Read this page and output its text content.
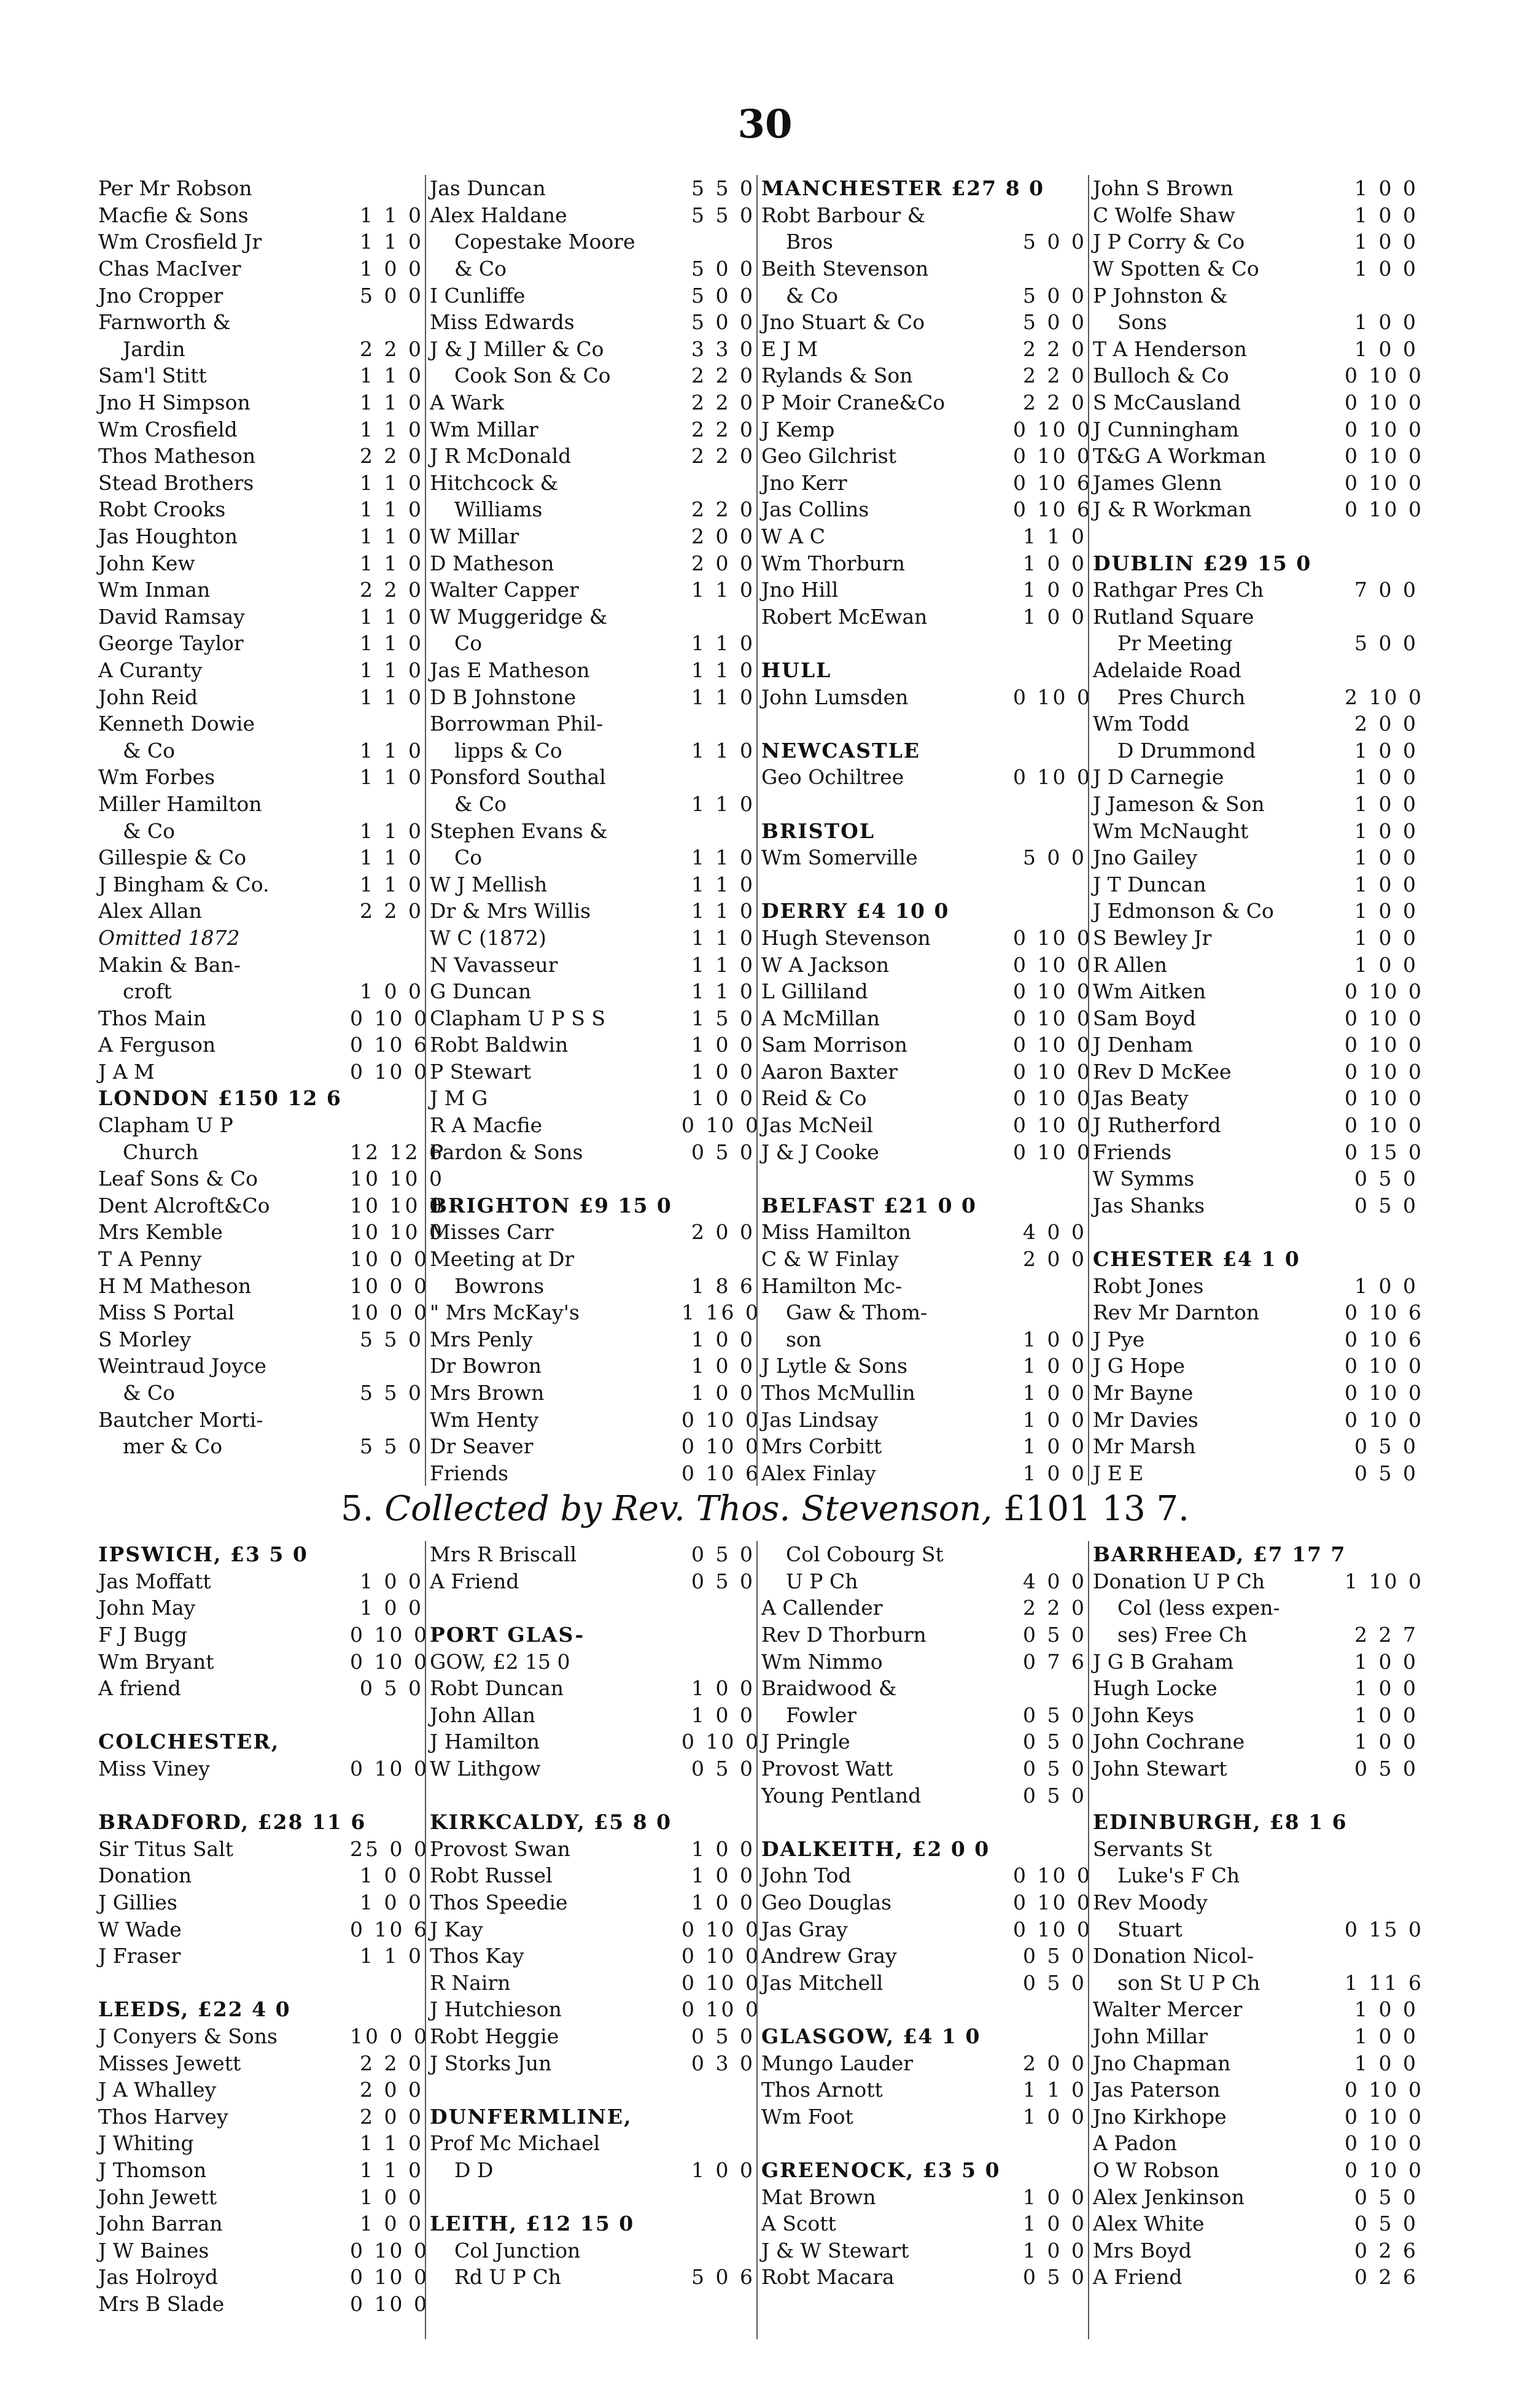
30
Per Mr Robson
Macfie & Sons	1 1 0
Wm Crosfield Jr	1 1 0
Chas MacIver	1 0 0
Jno Cropper	5 0 0
Farnworth &
Jardin	2 2 0
Sam'l Stitt	1 1 0
Jno H Simpson	1 1 0
Wm Crosfield	1 1 0
Thos Matheson	2 2 0
Stead Brothers	1 1 0
Robt Crooks	1 1 0
Jas Houghton	1 1 0
John Kew	1 1 0
Wm Inman	2 2 0
David Ramsay	1 1 0
George Taylor	1 1 0
A Curanty	1 1 0
John Reid	1 1 0
Kenneth Dowie
& Co	1 1 0
Wm Forbes	1 1 0
Miller Hamilton
& Co	1 1 0
Gillespie & Co	1 1 0
J Bingham & Co.	1 1 0
Alex Allan	2 2 0
Omitted 1872
Makin & Ban-
croft	1 0 0
Thos Main	0 10 0
A Ferguson	0 10 6
J A M	0 10 0
LONDON £150 12 6
Clapham U P
Church	12 12 6
Leaf Sons & Co	10 10 0
Dent Alcroft&Co	10 10 0
Mrs Kemble	10 10 0
T A Penny	10 0 0
H M Matheson	10 0 0
Miss S Portal	10 0 0
S Morley	5 5 0
Weintraud Joyce
& Co	5 5 0
Bautcher Morti-
mer & Co	5 5 0
Jas Duncan	5 5 0
Alex Haldane	5 5 0
Copestake Moore
& Co	5 0 0
I Cunliffe	5 0 0
Miss Edwards	5 0 0
J & J Miller & Co	3 3 0
Cook Son & Co	2 2 0
A Wark	2 2 0
Wm Millar	2 2 0
J R McDonald	2 2 0
Hitchcock &
Williams	2 2 0
W Millar	2 0 0
D Matheson	2 0 0
Walter Capper	1 1 0
W Muggeridge &
Co	1 1 0
Jas E Matheson	1 1 0
D B Johnstone	1 1 0
Borrowman Phil-
lipps & Co	1 1 0
Ponsford Southal
& Co	1 1 0
Stephen Evans &
Co	1 1 0
W J Mellish	1 1 0
Dr & Mrs Willis	1 1 0
W C (1872)	1 1 0
N Vavasseur	1 1 0
G Duncan	1 1 0
Clapham U P S S	1 5 0
Robt Baldwin	1 0 0
P Stewart	1 0 0
J M G	1 0 0
R A Macfie	0 10 0
Pardon & Sons	0 5 0
BRIGHTON £9 15 0
Misses Carr	2 0 0
Meeting at Dr
Bowrons	1 8 6
" Mrs McKay's	1 16 0
Mrs Penly	1 0 0
Dr Bowron	1 0 0
Mrs Brown	1 0 0
Wm Henty	0 10 0
Dr Seaver	0 10 0
Friends	0 10 6
MANCHESTER £27 8 0
Robt Barbour &
Bros	5 0 0
Beith Stevenson
& Co	5 0 0
Jno Stuart & Co	5 0 0
E J M	2 2 0
Rylands & Son	2 2 0
P Moir Crane&Co	2 2 0
J Kemp	0 10 0
Geo Gilchrist	0 10 0
Jno Kerr	0 10 6
Jas Collins	0 10 6
W A C	1 1 0
Wm Thorburn	1 0 0
Jno Hill	1 0 0
Robert McEwan	1 0 0
HULL
John Lumsden	0 10 0
NEWCASTLE
Geo Ochiltree	0 10 0
BRISTOL
Wm Somerville	5 0 0
DERRY £4 10 0
Hugh Stevenson	0 10 0
W A Jackson	0 10 0
L Gilliland	0 10 0
A McMillan	0 10 0
Sam Morrison	0 10 0
Aaron Baxter	0 10 0
Reid & Co	0 10 0
Jas McNeil	0 10 0
J & J Cooke	0 10 0
BELFAST £21 0 0
Miss Hamilton	4 0 0
C & W Finlay	2 0 0
Hamilton Mc-
Gaw & Thom-
son	1 0 0
J Lytle & Sons	1 0 0
Thos McMullin	1 0 0
Jas Lindsay	1 0 0
Mrs Corbitt	1 0 0
Alex Finlay	1 0 0
John S Brown	1 0 0
C Wolfe Shaw	1 0 0
J P Corry & Co	1 0 0
W Spotten & Co	1 0 0
P Johnston &
Sons	1 0 0
T A Henderson	1 0 0
Bulloch & Co	0 10 0
S McCausland	0 10 0
J Cunningham	0 10 0
T&G A Workman	0 10 0
James Glenn	0 10 0
J & R Workman	0 10 0
DUBLIN £29 15 0
Rathgar Pres Ch	7 0 0
Rutland Square
Pr Meeting	5 0 0
Adelaide Road
Pres Church	2 10 0
Wm Todd	2 0 0
D Drummond	1 0 0
J D Carnegie	1 0 0
J Jameson & Son	1 0 0
Wm McNaught	1 0 0
Jno Gailey	1 0 0
J T Duncan	1 0 0
J Edmonson & Co	1 0 0
S Bewley Jr	1 0 0
R Allen	1 0 0
Wm Aitken	0 10 0
Sam Boyd	0 10 0
J Denham	0 10 0
Rev D McKee	0 10 0
Jas Beaty	0 10 0
J Rutherford	0 10 0
Friends	0 15 0
W Symms	0 5 0
Jas Shanks	0 5 0
CHESTER £4 1 0
Robt Jones	1 0 0
Rev Mr Darnton	0 10 6
J Pye	0 10 6
J G Hope	0 10 0
Mr Bayne	0 10 0
Mr Davies	0 10 0
Mr Marsh	0 5 0
J E E	0 5 0
5. Collected by Rev. Thos. Stevenson, £101 13 7.
IPSWICH, £3 5 0
Jas Moffatt	1 0 0
John May	1 0 0
F J Bugg	0 10 0
Wm Bryant	0 10 0
A friend	0 5 0
COLCHESTER,
Miss Viney	0 10 0
BRADFORD, £28 11 6
Sir Titus Salt	25 0 0
Donation	1 0 0
J Gillies	1 0 0
W Wade	0 10 6
J Fraser	1 1 0
LEEDS, £22 4 0
J Conyers & Sons	10 0 0
Misses Jewett	2 2 0
J A Whalley	2 0 0
Thos Harvey	2 0 0
J Whiting	1 1 0
J Thomson	1 1 0
John Jewett	1 0 0
John Barran	1 0 0
J W Baines	0 10 0
Jas Holroyd	0 10 0
Mrs B Slade	0 10 0
Mrs R Briscall	0 5 0
A Friend	0 5 0
PORT GLAS-
GOW, £2 15 0
Robt Duncan	1 0 0
John Allan	1 0 0
J Hamilton	0 10 0
W Lithgow	0 5 0
KIRKCALDY, £5 8 0
Provost Swan	1 0 0
Robt Russel	1 0 0
Thos Speedie	1 0 0
J Kay	0 10 0
Thos Kay	0 10 0
R Nairn	0 10 0
J Hutchieson	0 10 0
Robt Heggie	0 5 0
J Storks Jun	0 3 0
DUNFERMLINE,
Prof Mc Michael
D D	1 0 0
LEITH, £12 15 0
Col Junction
Rd U P Ch	5 0 6
Col Cobourg St
U P Ch	4 0 0
A Callender	2 2 0
Rev D Thorburn	0 5 0
Wm Nimmo	0 7 6
Braidwood &
Fowler	0 5 0
J Pringle	0 5 0
Provost Watt	0 5 0
Young Pentland	0 5 0
DALKEITH, £2 0 0
John Tod	0 10 0
Geo Douglas	0 10 0
Jas Gray	0 10 0
Andrew Gray	0 5 0
Jas Mitchell	0 5 0
GLASGOW, £4 1 0
Mungo Lauder	2 0 0
Thos Arnott	1 1 0
Wm Foot	1 0 0
GREENOCK, £3 5 0
Mat Brown	1 0 0
A Scott	1 0 0
J & W Stewart	1 0 0
Robt Macara	0 5 0
BARRHEAD, £7 17 7
Donation U P Ch	1 10 0
Col (less expen-
ses) Free Ch	2 2 7
J G B Graham	1 0 0
Hugh Locke	1 0 0
John Keys	1 0 0
John Cochrane	1 0 0
John Stewart	0 5 0
EDINBURGH, £8 1 6
Servants St
Luke's F Ch
Rev Moody
Stuart	0 15 0
Donation Nicol-
son St U P Ch	1 11 6
Walter Mercer	1 0 0
John Millar	1 0 0
Jno Chapman	1 0 0
Jas Paterson	0 10 0
Jno Kirkhope	0 10 0
A Padon	0 10 0
O W Robson	0 10 0
Alex Jenkinson	0 5 0
Alex White	0 5 0
Mrs Boyd	0 2 6
A Friend	0 2 6
